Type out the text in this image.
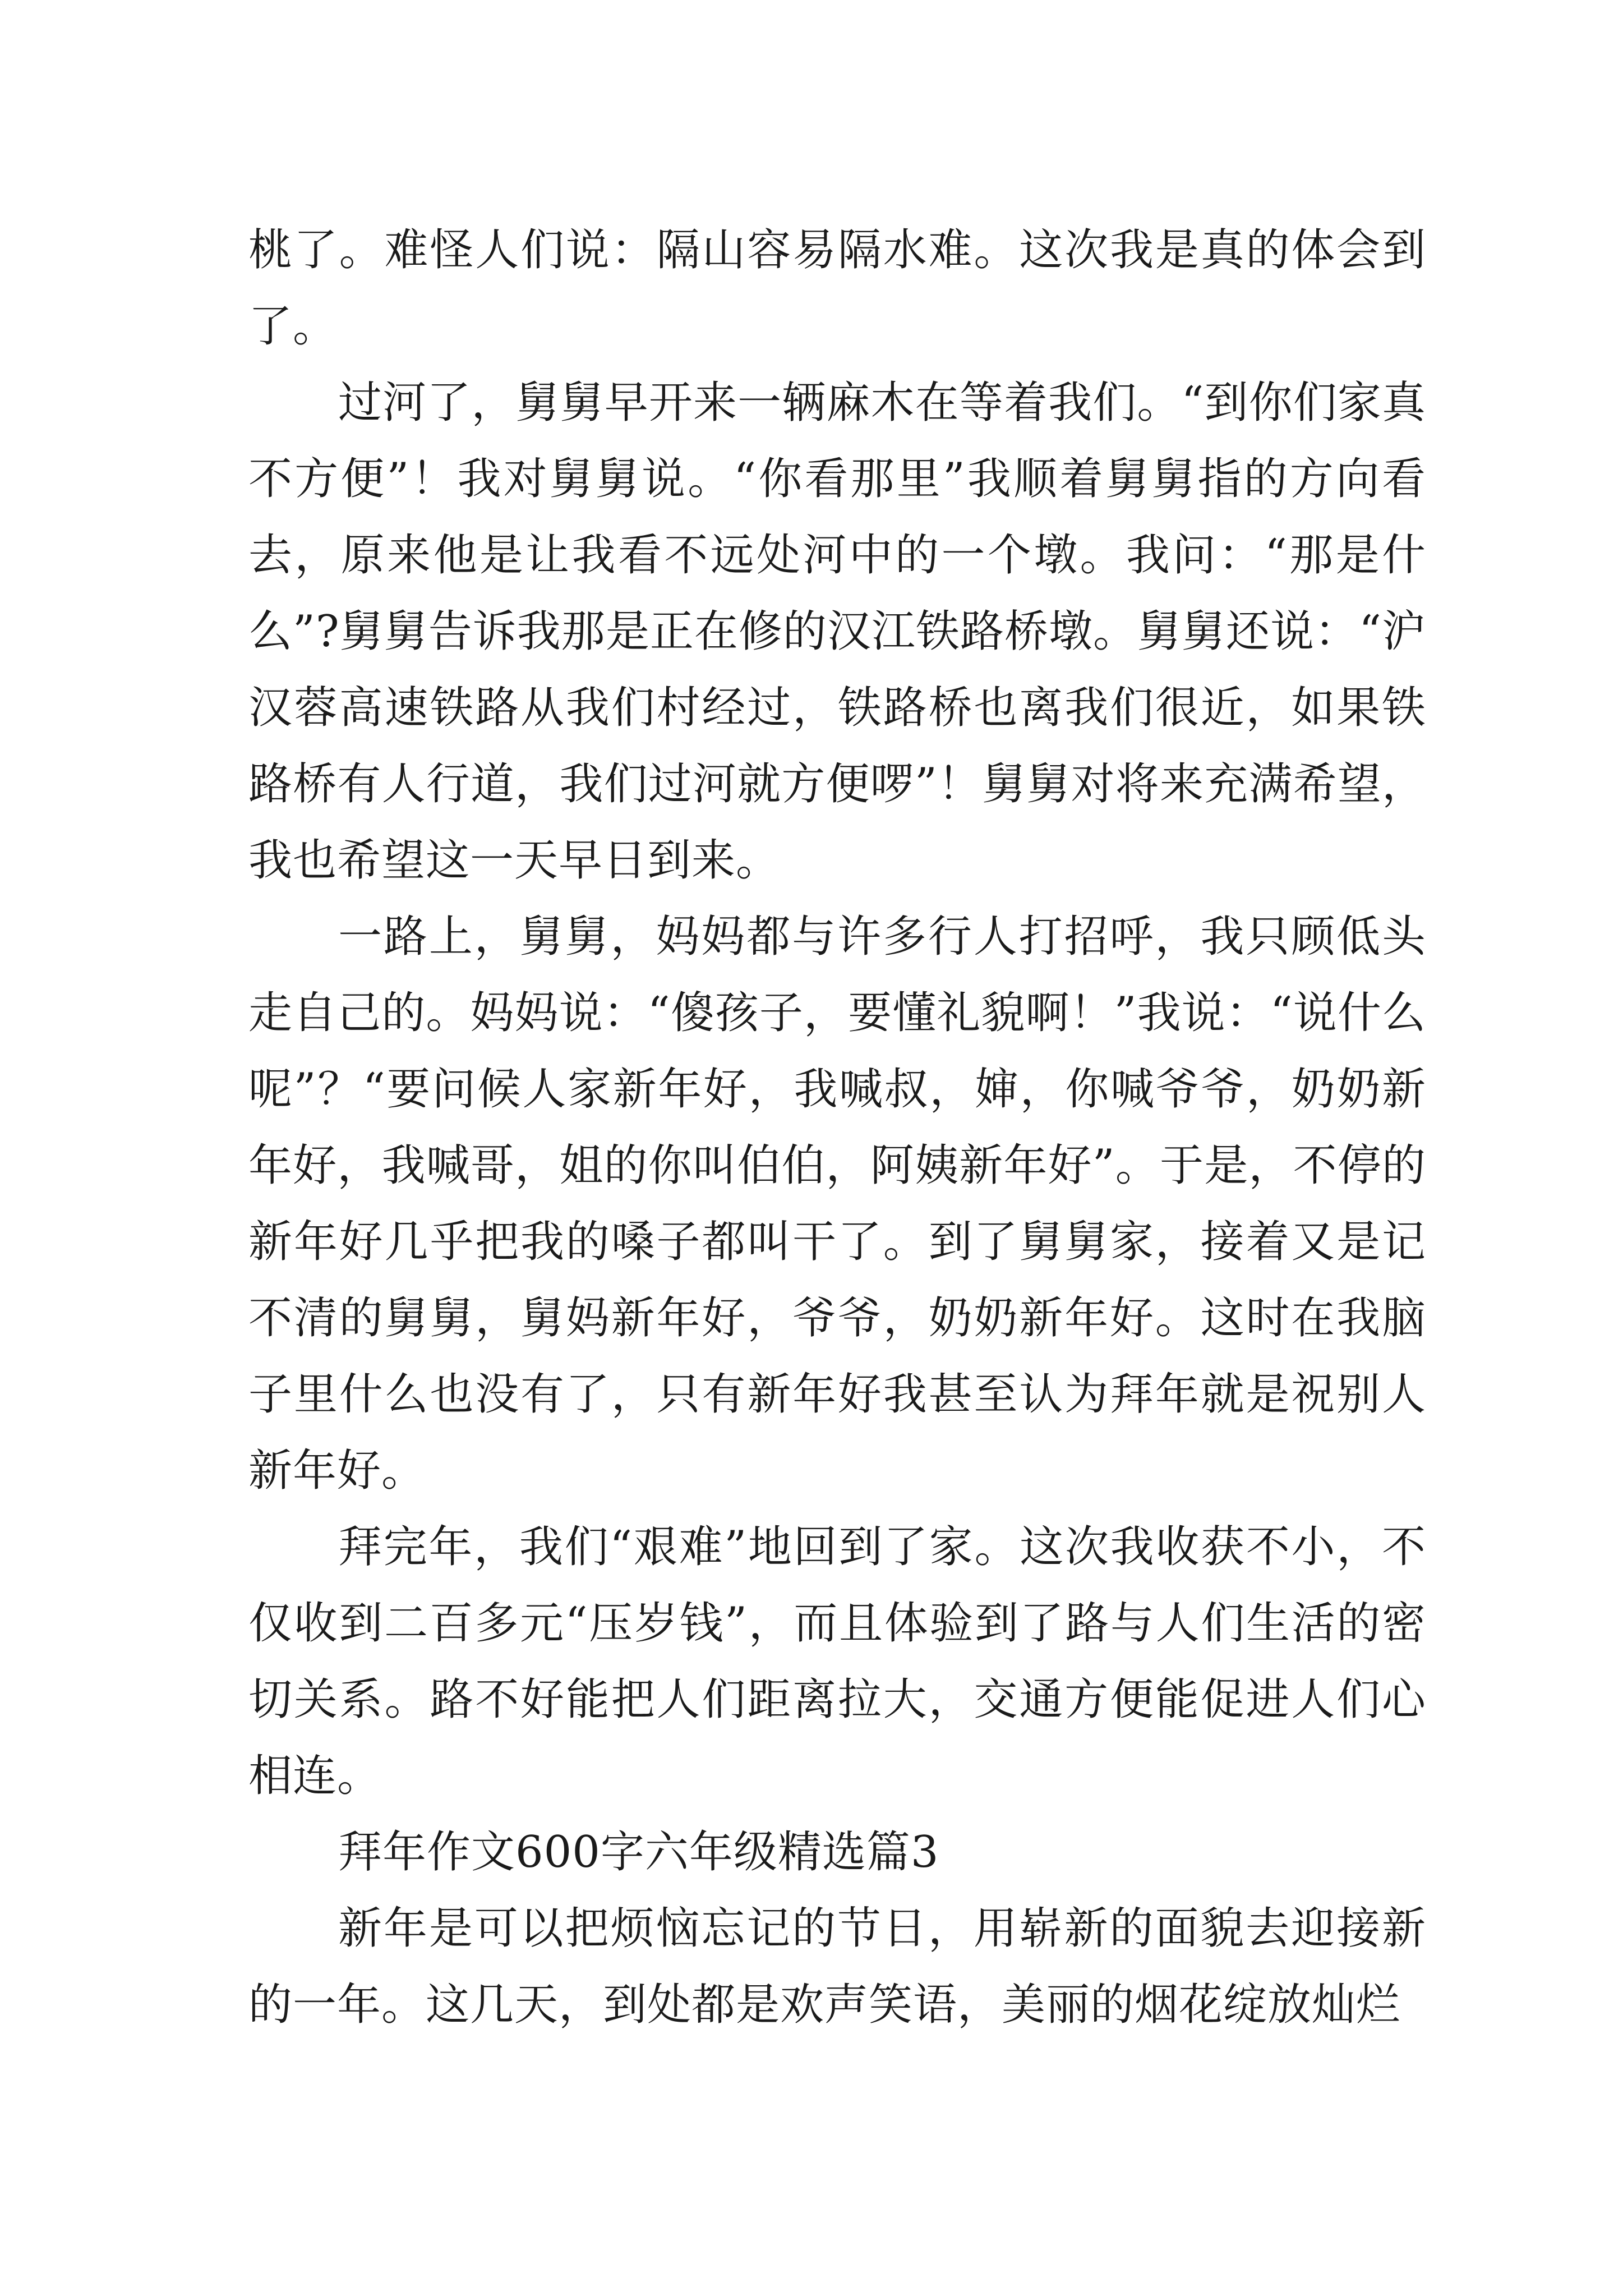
桃了。难怪人们说：隔山容易隔水难。这次我是真的体会到了。

过河了，舅舅早开来一辆麻木在等着我们。“到你们家真不方便”！我对舅舅说。“你看那里”我顺着舅舅指的方向看去，原来他是让我看不远处河中的一个墩。我问：“那是什么”?舅舅告诉我那是正在修的汉江铁路桥墩。舅舅还说：“沪汉蓉高速铁路从我们村经过，铁路桥也离我们很近，如果铁路桥有人行道，我们过河就方便啰”！舅舅对将来充满希望，我也希望这一天早日到来。

一路上，舅舅，妈妈都与许多行人打招呼，我只顾低头走自己的。妈妈说：“傻孩子，要懂礼貌啊！”我说：“说什么呢”？“要问候人家新年好，我喊叔，婶，你喊爷爷，奶奶新年好，我喊哥，姐的你叫伯伯，阿姨新年好”。于是，不停的新年好几乎把我的嗓子都叫干了。到了舅舅家，接着又是记不清的舅舅，舅妈新年好，爷爷，奶奶新年好。这时在我脑子里什么也没有了，只有新年好我甚至认为拜年就是祝别人新年好。

拜完年，我们“艰难”地回到了家。这次我收获不小，不仅收到二百多元“压岁钱”，而且体验到了路与人们生活的密切关系。路不好能把人们距离拉大，交通方便能促进人们心相连。

拜年作文600字六年级精选篇3

新年是可以把烦恼忘记的节日，用崭新的面貌去迎接新的一年。这几天，到处都是欢声笑语，美丽的烟花绽放灿烂
